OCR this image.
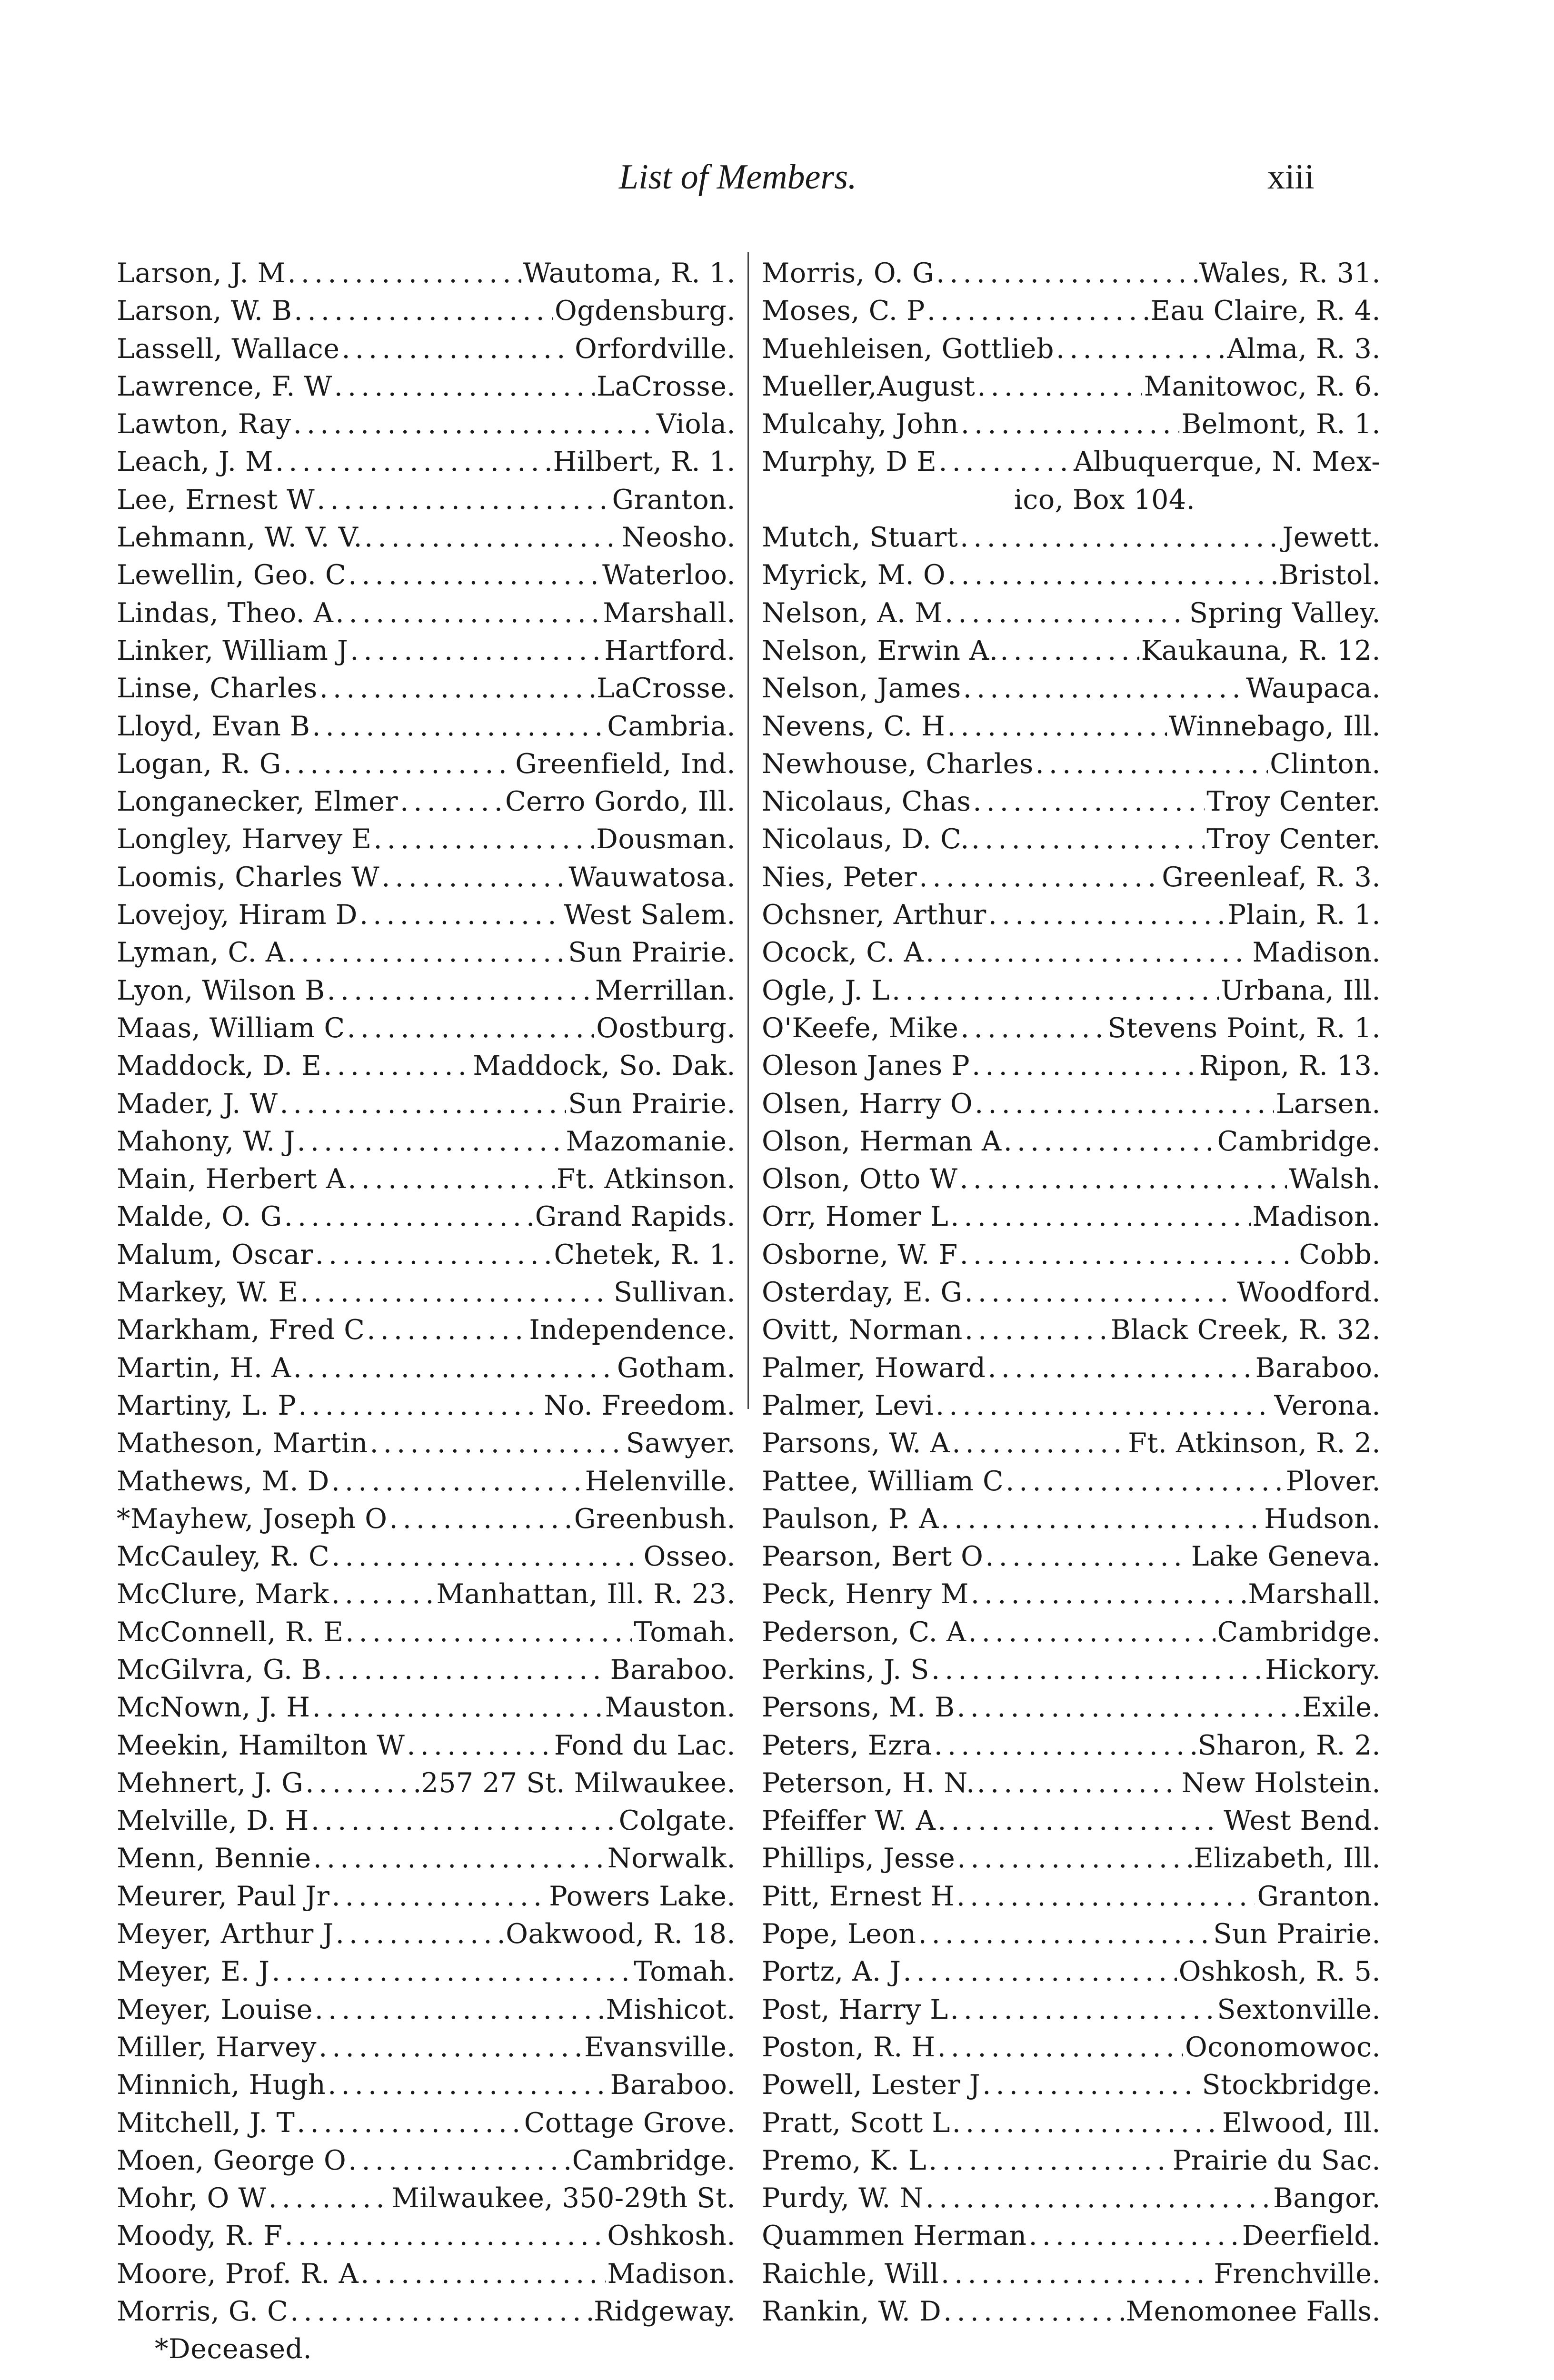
List of Members.	xiii
Larson, J. M . . .	Wautoma, R. 1.
Larson, W. B . . .	Ogdensburg.
Lassell, Wallace . . .	Orfordville.
Lawrence, F. W . . .	LaCrosse.
Lawton, Ray . . .	Viola.
Leach, J. M . . .	Hilbert, R. 1.
Lee, Ernest W . . .	Granton.
Lehmann, W. V. V. . . .	Neosho.
Lewellin, Geo. C . . .	Waterloo.
Lindas, Theo. A . . .	Marshall.
Linker, William J . . .	Hartford.
Linse, Charles . . .	LaCrosse.
Lloyd, Evan B . . .	Cambria.
Logan, R. G . . .	Greenfield, Ind.
Longanecker, Elmer . . .	Cerro Gordo, Ill.
Longley, Harvey E . . .	Dousman.
Loomis, Charles W . . .	Wauwatosa.
Lovejoy, Hiram D . . .	West Salem.
Lyman, C. A . . .	Sun Prairie.
Lyon, Wilson B . . .	Merrillan.
Maas, William C . . .	Oostburg.
Maddock, D. E . . .	Maddock, So. Dak.
Mader, J. W . . .	Sun Prairie.
Mahony, W. J . . .	Mazomanie.
Main, Herbert A . . .	Ft. Atkinson.
Malde, O. G . . .	Grand Rapids.
Malum, Oscar . . .	Chetek, R. 1.
Markey, W. E . . .	Sullivan.
Markham, Fred C . . .	Independence.
Martin, H. A . . .	Gotham.
Martiny, L. P . . .	No. Freedom.
Matheson, Martin . . .	Sawyer.
Mathews, M. D . . .	Helenville.
*Mayhew, Joseph O . . .	Greenbush.
McCauley, R. C . . .	Osseo.
McClure, Mark . . .	Manhattan, Ill. R. 23.
McConnell, R. E . . .	Tomah.
McGilvra, G. B . . .	Baraboo.
McNown, J. H . . .	Mauston.
Meekin, Hamilton W . . .	Fond du Lac.
Mehnert, J. G . . .	257 27 St. Milwaukee.
Melville, D. H . . .	Colgate.
Menn, Bennie . . .	Norwalk.
Meurer, Paul Jr . . .	Powers Lake.
Meyer, Arthur J . . .	Oakwood, R. 18.
Meyer, E. J . . .	Tomah.
Meyer, Louise . . .	Mishicot.
Miller, Harvey . . .	Evansville.
Minnich, Hugh . . .	Baraboo.
Mitchell, J. T . . .	Cottage Grove.
Moen, George O . . .	Cambridge.
Mohr, O W . . .	Milwaukee, 350-29th St.
Moody, R. F . . .	Oshkosh.
Moore, Prof. R. A . . .	Madison.
Morris, G. C . . .	Ridgeway.
*Deceased.
Morris, O. G . . .	Wales, R. 31.
Moses, C. P . . .	Eau Claire, R. 4.
Muehleisen, Gottlieb . . .	Alma, R. 3.
Mueller,August . . .	Manitowoc, R. 6.
Mulcahy, John . . .	Belmont, R. 1.
Murphy, D E . . .	Albuquerque, N. Mex-
ico, Box 104.
Mutch, Stuart . . .	Jewett.
Myrick, M. O . . .	Bristol.
Nelson, A. M . . .	Spring Valley.
Nelson, Erwin A. . . .	Kaukauna, R. 12.
Nelson, James . . .	Waupaca.
Nevens, C. H . . .	Winnebago, Ill.
Newhouse, Charles . . .	Clinton.
Nicolaus, Chas . . .	Troy Center.
Nicolaus, D. C. . . .	Troy Center.
Nies, Peter . . .	Greenleaf, R. 3.
Ochsner, Arthur . . .	Plain, R. 1.
Ocock, C. A . . .	Madison.
Ogle, J. L . . .	Urbana, Ill.
O'Keefe, Mike . . .	Stevens Point, R. 1.
Oleson Janes P . . .	Ripon, R. 13.
Olsen, Harry O . . .	Larsen.
Olson, Herman A . . .	Cambridge.
Olson, Otto W . . .	Walsh.
Orr, Homer L . . .	Madison.
Osborne, W. F . . .	Cobb.
Osterday, E. G . . .	Woodford.
Ovitt, Norman . . .	Black Creek, R. 32.
Palmer, Howard . . .	Baraboo.
Palmer, Levi . . .	Verona.
Parsons, W. A . . .	Ft. Atkinson, R. 2.
Pattee, William C . . .	Plover.
Paulson, P. A . . .	Hudson.
Pearson, Bert O . . .	Lake Geneva.
Peck, Henry M . . .	Marshall.
Pederson, C. A . . .	Cambridge.
Perkins, J. S . . .	Hickory.
Persons, M. B . . .	Exile.
Peters, Ezra . . .	Sharon, R. 2.
Peterson, H. N. . . .	New Holstein.
Pfeiffer W. A . . .	West Bend.
Phillips, Jesse . . .	Elizabeth, Ill.
Pitt, Ernest H . . .	Granton.
Pope, Leon . . .	Sun Prairie.
Portz, A. J . . .	Oshkosh, R. 5.
Post, Harry L . . .	Sextonville.
Poston, R. H . . .	Oconomowoc.
Powell, Lester J . . .	Stockbridge.
Pratt, Scott L . . .	Elwood, Ill.
Premo, K. L . . .	Prairie du Sac.
Purdy, W. N . . .	Bangor.
Quammen Herman . . .	Deerfield.
Raichle, Will . . .	Frenchville.
Rankin, W. D . . .	Menomonee Falls.
